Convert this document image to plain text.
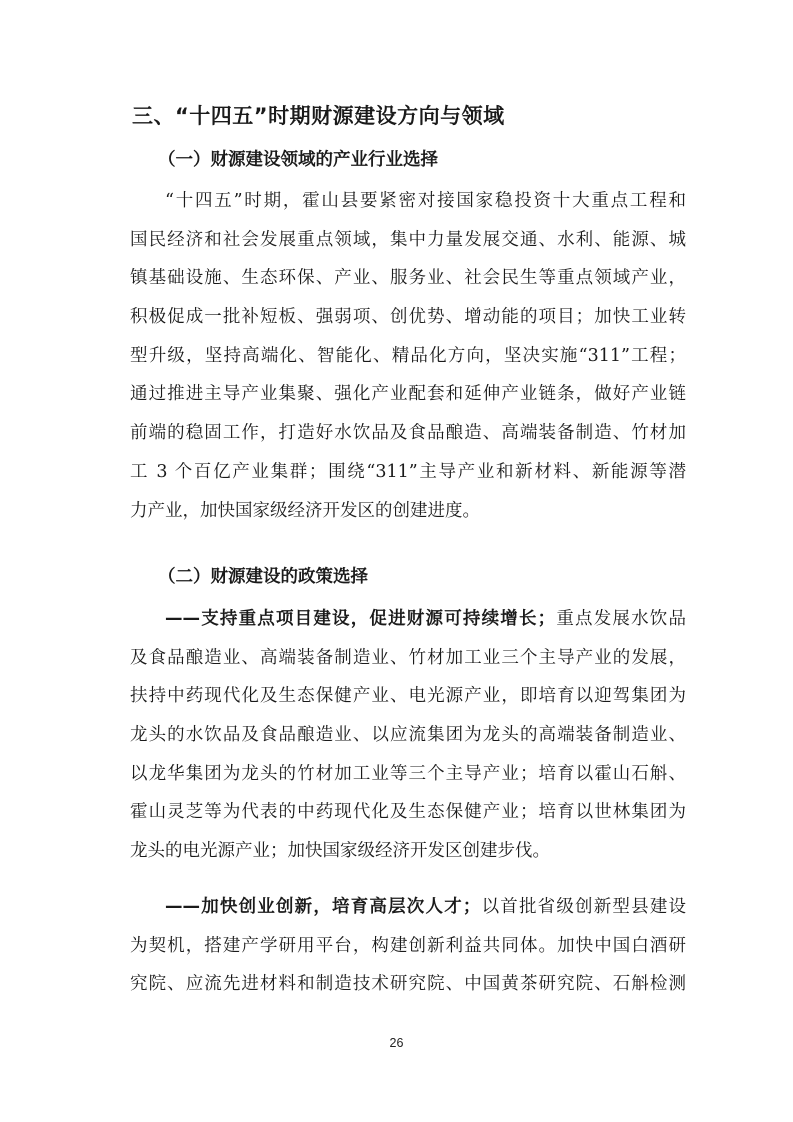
三、“十四五”时期财源建设方向与领域
（一）财源建设领域的产业行业选择
“十四五”时期，霍山县要紧密对接国家稳投资十大重点工程和
国民经济和社会发展重点领域，集中力量发展交通、水利、能源、城
镇基础设施、生态环保、产业、服务业、社会民生等重点领域产业，
积极促成一批补短板、强弱项、创优势、增动能的项目；加快工业转
型升级，坚持高端化、智能化、精品化方向，坚决实施“311”工程；
通过推进主导产业集聚、强化产业配套和延伸产业链条，做好产业链
前端的稳固工作，打造好水饮品及食品酿造、高端装备制造、竹材加
工 3 个百亿产业集群；围绕“311”主导产业和新材料、新能源等潜
力产业，加快国家级经济开发区的创建进度。
（二）财源建设的政策选择
——支持重点项目建设，促进财源可持续增长；重点发展水饮品
及食品酿造业、高端装备制造业、竹材加工业三个主导产业的发展，
扶持中药现代化及生态保健产业、电光源产业，即培育以迎驾集团为
龙头的水饮品及食品酿造业、以应流集团为龙头的高端装备制造业、
以龙华集团为龙头的竹材加工业等三个主导产业；培育以霍山石斛、
霍山灵芝等为代表的中药现代化及生态保健产业；培育以世林集团为
龙头的电光源产业；加快国家级经济开发区创建步伐。
——加快创业创新，培育高层次人才；以首批省级创新型县建设
为契机，搭建产学研用平台，构建创新利益共同体。加快中国白酒研
究院、应流先进材料和制造技术研究院、中国黄茶研究院、石斛检测
26
